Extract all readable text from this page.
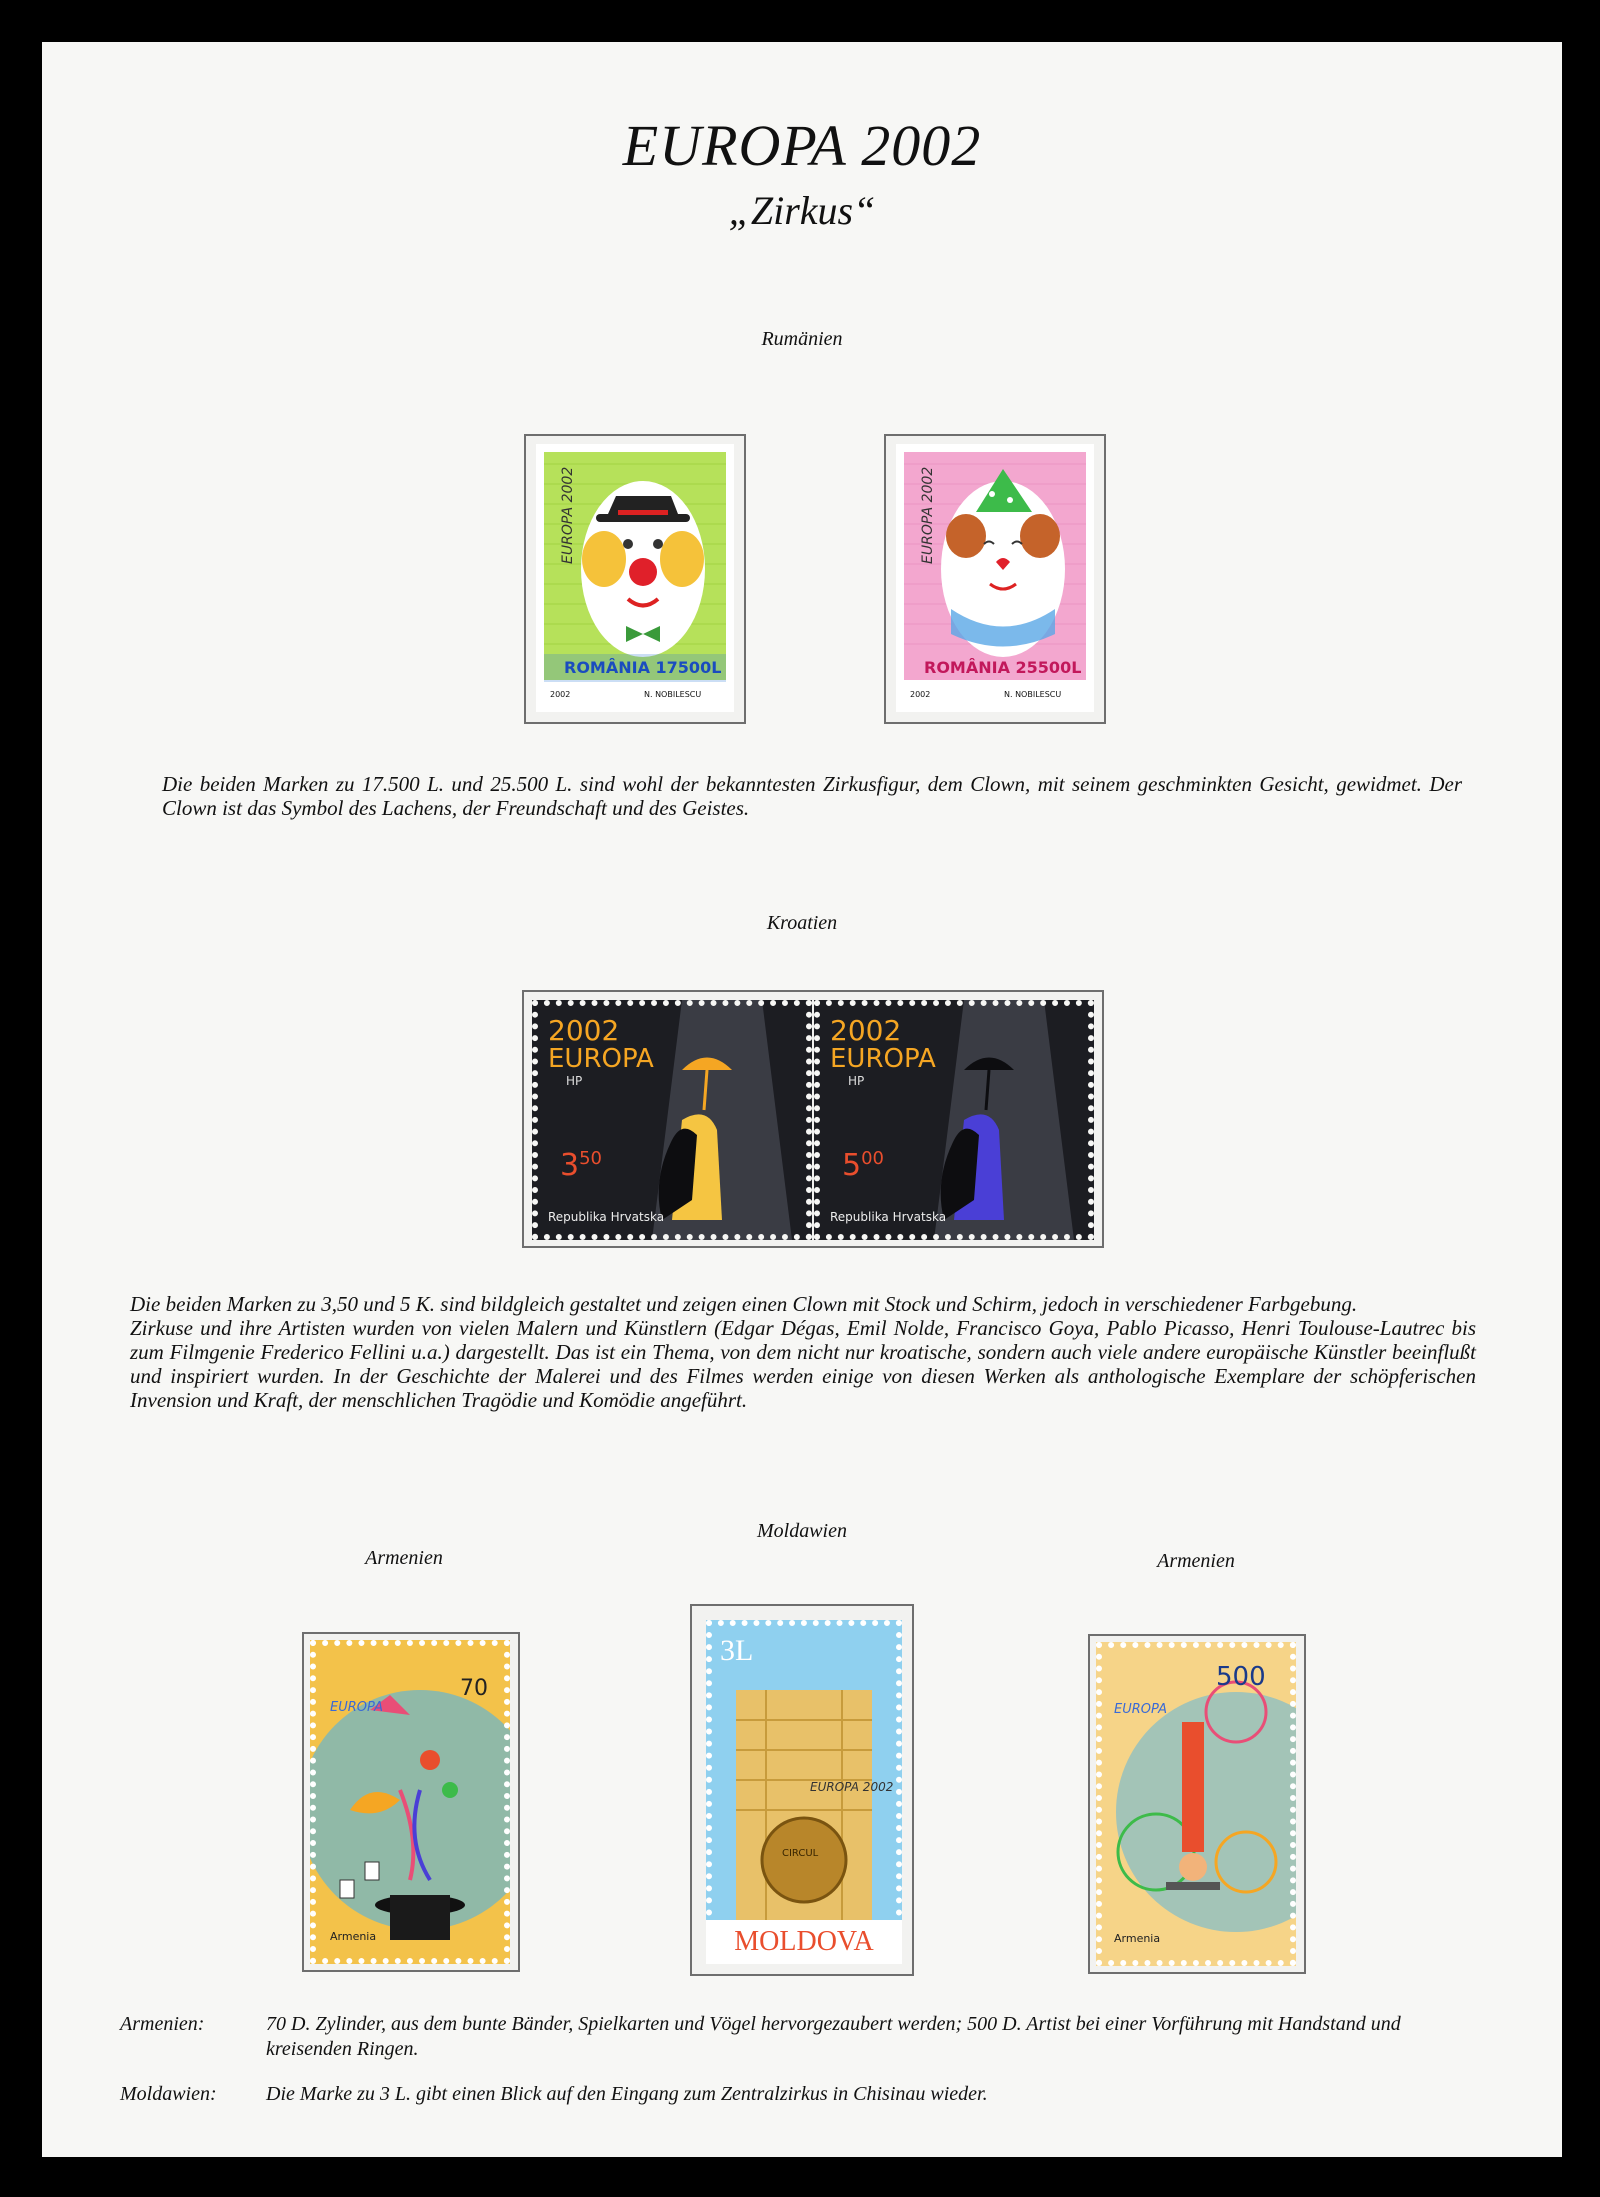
EUROPA 2002
„Zirkus“
Rumänien
EUROPA 2002
ROMÂNIA 17500L
2002	N. NOBILESCU
EUROPA 2002
ROMÂNIA 25500L
2002	N. NOBILESCU
Die beiden Marken zu 17.500 L. und 25.500 L. sind wohl der bekanntesten Zirkusfigur, dem Clown, mit seinem geschminkten Gesicht, gewidmet. Der Clown ist das Symbol des Lachens, der Freundschaft und des Geistes.
Kroatien
2002
EUROPA
HP
$3^{50}$
Republika Hrvatska
2002
EUROPA
HP
$5^{00}$
Republika Hrvatska

Die beiden Marken zu 3,50 und 5 K. sind bildgleich gestaltet und zeigen einen Clown mit Stock und Schirm, jedoch in verschiedener Farbgebung.

Zirkuse und ihre Artisten wurden von vielen Malern und Künstlern (Edgar Dégas, Emil Nolde, Francisco Goya, Pablo Picasso, Henri Toulouse-Lautrec bis zum Filmgenie Frederico Fellini u.a.) dargestellt. Das ist ein Thema, von dem nicht nur kroatische, sondern auch viele andere europäische Künstler beeinflußt und inspiriert wurden. In der Geschichte der Malerei und des Filmes werden einige von diesen Werken als anthologische Exemplare der schöpferischen Invension und Kraft, der menschlichen Tragödie und Komödie angeführt.

Moldawien
Armenien	Armenien
70
EUROPA
Armenia
3L
EUROPA 2002
CIRCUL
MOLDOVA
500
EUROPA
Armenia
Armenien:	70 D. Zylinder, aus dem bunte Bänder, Spielkarten und Vögel hervorgezaubert werden; 500 D. Artist bei einer Vorführung mit Handstand und kreisenden Ringen.
Moldawien:	Die Marke zu 3 L. gibt einen Blick auf den Eingang zum Zentralzirkus in Chisinau wieder.
